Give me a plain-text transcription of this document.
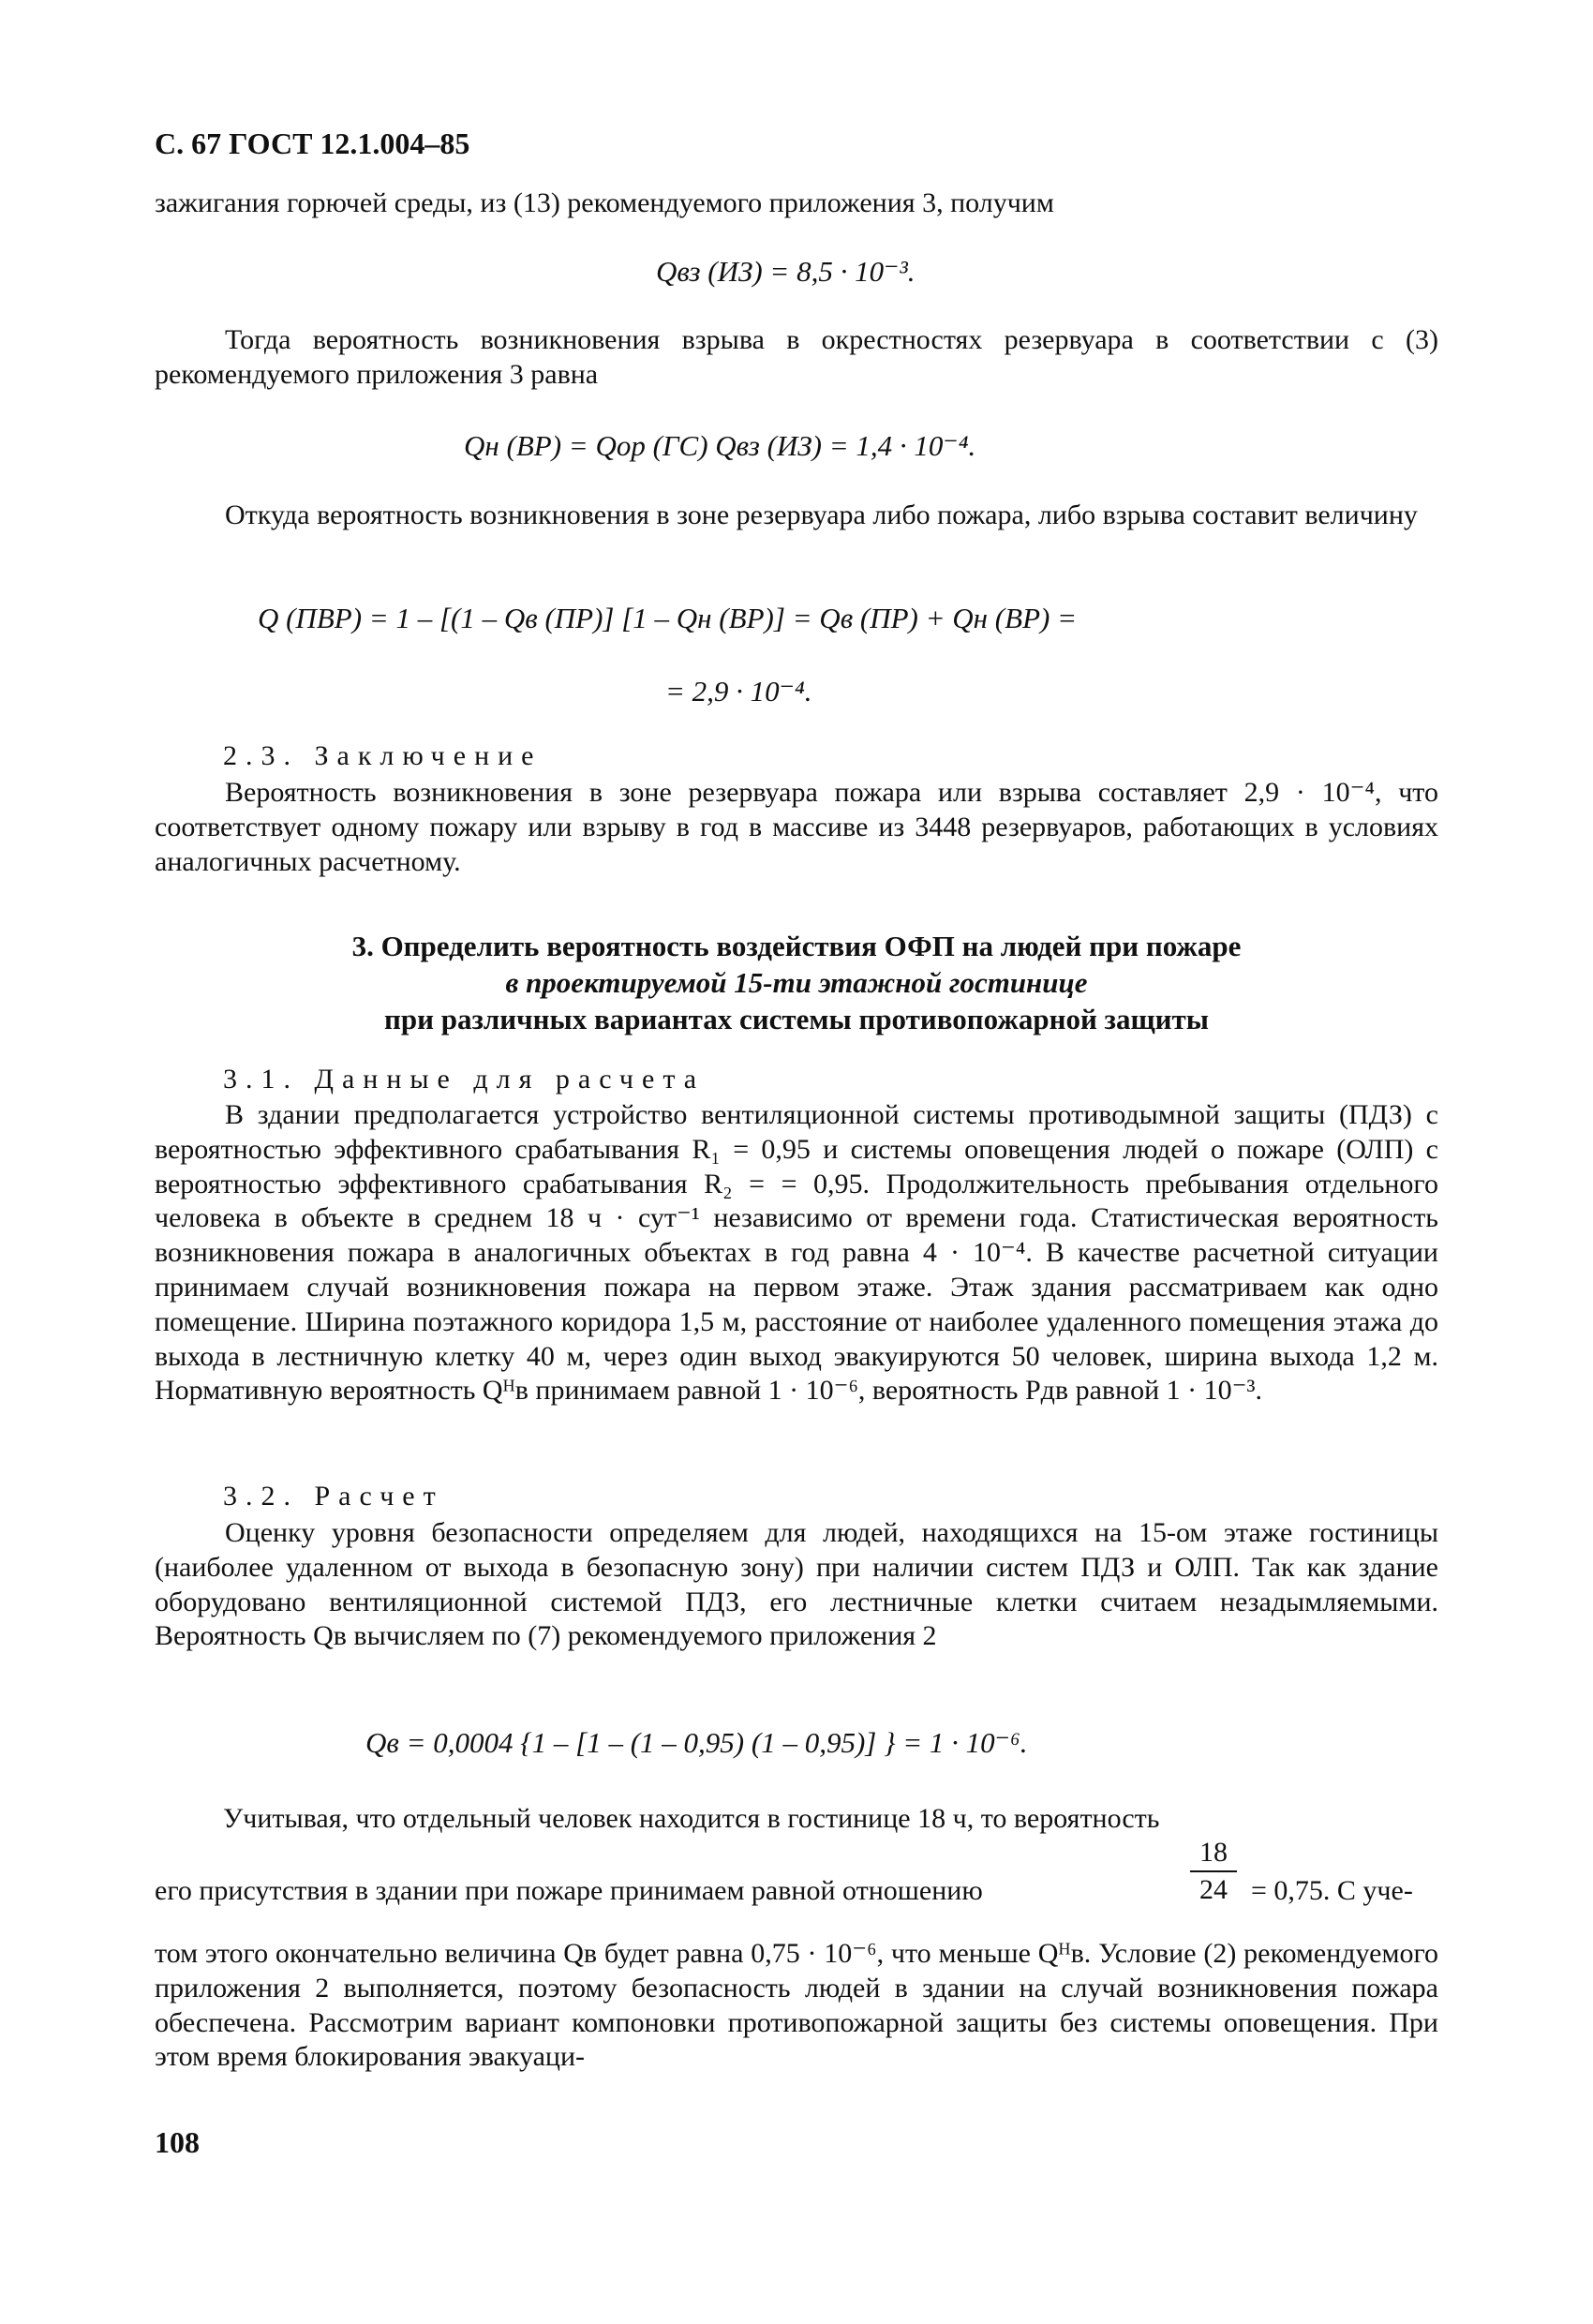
С. 67 ГОСТ 12.1.004–85
зажигания горючей среды, из (13) рекомендуемого приложения 3, получим
Qвз (ИЗ) = 8,5 · 10⁻³.
Тогда вероятность возникновения взрыва в окрестностях резервуара в соответствии с (3) рекомендуемого приложения 3 равна
Qн (ВР) = Qор (ГС) Qвз (ИЗ) = 1,4 · 10⁻⁴.
Откуда вероятность возникновения в зоне резервуара либо пожара, либо взрыва составит величину
Q (ПВР) = 1 – [(1 – Qв (ПР)] [1 – Qн (ВР)] = Qв (ПР) + Qн (ВР) =
= 2,9 · 10⁻⁴.
2.3. Заключение
Вероятность возникновения в зоне резервуара пожара или взрыва составляет 2,9 · 10⁻⁴, что соответствует одному пожару или взрыву в год в массиве из 3448 резервуаров, работающих в условиях аналогичных расчетному.
3. Определить вероятность воздействия ОФП на людей при пожаре
в проектируемой 15-ти этажной гостинице
при различных вариантах системы противопожарной защиты
3.1. Данные для расчета
В здании предполагается устройство вентиляционной системы противодымной защиты (ПДЗ) с вероятностью эффективного срабатывания R₁ = 0,95 и системы оповещения людей о пожаре (ОЛП) с вероятностью эффективного срабатывания R₂ = = 0,95. Продолжительность пребывания отдельного человека в объекте в среднем 18 ч · сут⁻¹ независимо от времени года. Статистическая вероятность возникновения пожара в аналогичных объектах в год равна 4 · 10⁻⁴. В качестве расчетной ситуации принимаем случай возникновения пожара на первом этаже. Этаж здания рассматриваем как одно помещение. Ширина поэтажного коридора 1,5 м, расстояние от наиболее удаленного помещения этажа до выхода в лестничную клетку 40 м, через один выход эвакуируются 50 человек, ширина выхода 1,2 м. Нормативную вероятность Qᴴв принимаем равной 1 · 10⁻⁶, вероятность Pдв равной 1 · 10⁻³.
3.2. Расчет
Оценку уровня безопасности определяем для людей, находящихся на 15-ом этаже гостиницы (наиболее удаленном от выхода в безопасную зону) при наличии систем ПДЗ и ОЛП. Так как здание оборудовано вентиляционной системой ПДЗ, его лестничные клетки считаем незадымляемыми. Вероятность Qв вычисляем по (7) рекомендуемого приложения 2
Qв = 0,0004 {1 – [1 – (1 – 0,95) (1 – 0,95)] } = 1 · 10⁻⁶.
Учитывая, что отдельный человек находится в гостинице 18 ч, то вероятность
его присутствия в здании при пожаре принимаем равной отношению
18
24 = 0,75. С уче-
том этого окончательно величина Qв будет равна 0,75 · 10⁻⁶, что меньше Qᴴв. Условие (2) рекомендуемого приложения 2 выполняется, поэтому безопасность людей в здании на случай возникновения пожара обеспечена. Рассмотрим вариант компоновки противопожарной защиты без системы оповещения. При этом время блокирования эвакуаци-
108
